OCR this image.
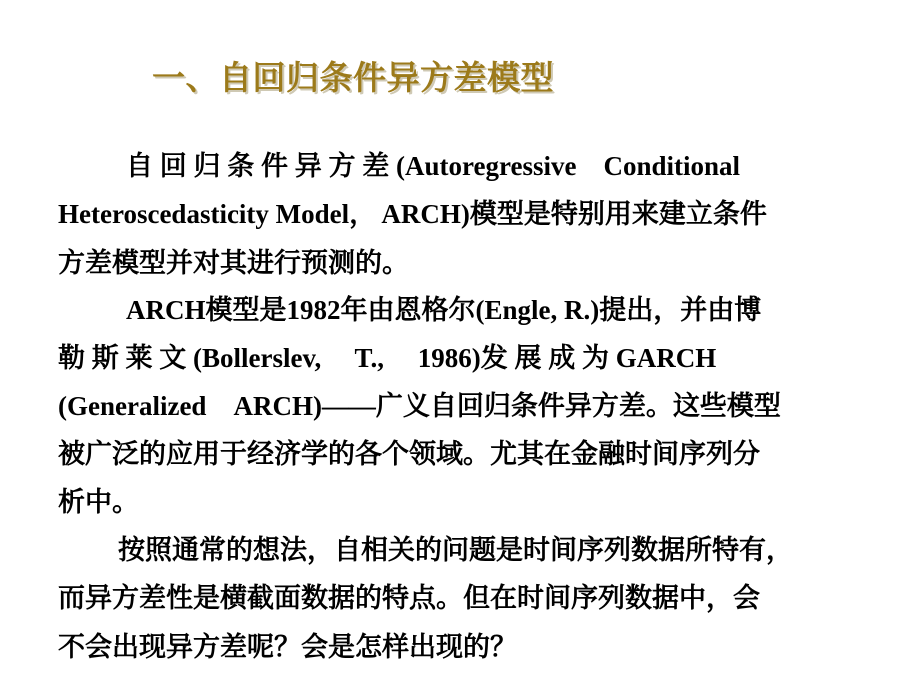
一、自回归条件异方差模型
自 回 归 条 件 异 方 差 (Autoregressive　Conditional
Heteroscedasticity Model， ARCH)模型是特别用来建立条件
方差模型并对其进行预测的。
ARCH模型是1982年由恩格尔(Engle, R.)提出，并由博
勒 斯 莱 文 (Bollerslev,　 T.,　 1986)发 展 成 为 GARCH
(Generalized　ARCH)——广义自回归条件异方差。这些模型
被广泛的应用于经济学的各个领域。尤其在金融时间序列分
析中。
按照通常的想法，自相关的问题是时间序列数据所特有，
而异方差性是横截面数据的特点。但在时间序列数据中，会
不会出现异方差呢？会是怎样出现的？
